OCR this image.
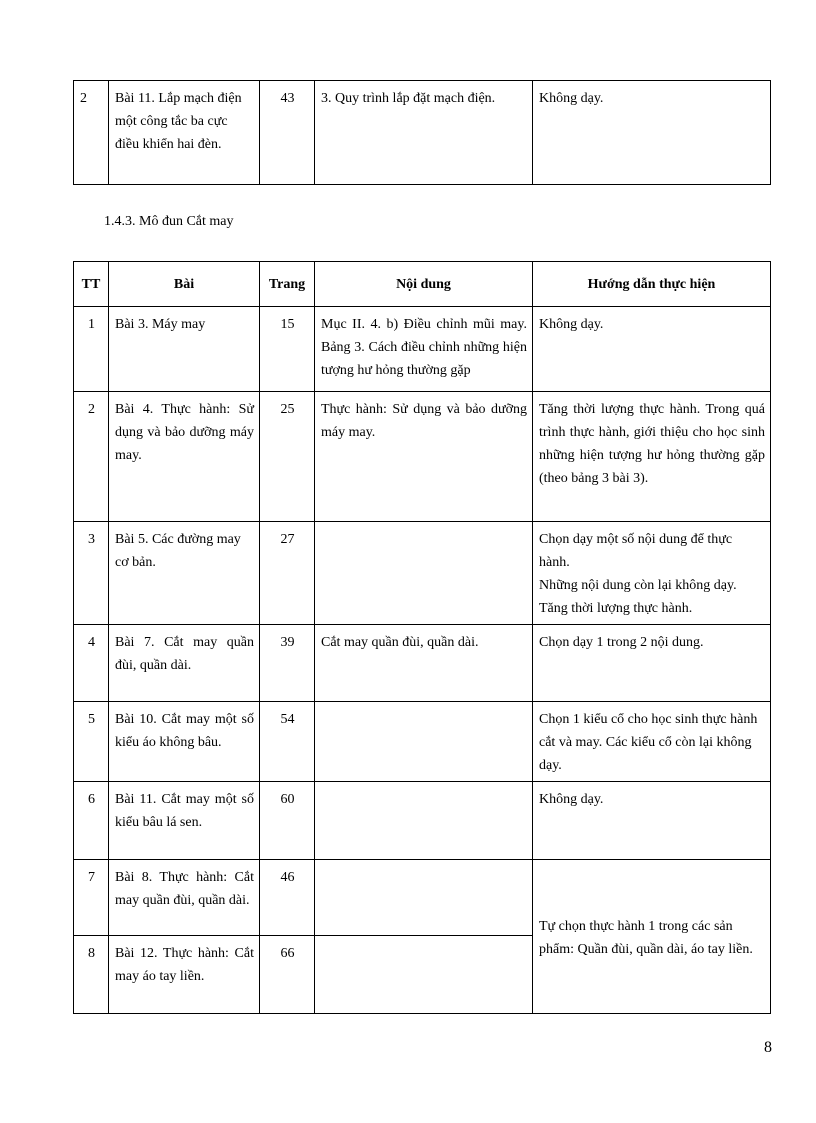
2	Bài 11. Lắp mạch điện một công tắc ba cực điều khiển hai đèn.	43	3. Quy trình lắp đặt mạch điện.	Không dạy.
1.4.3. Mô đun Cắt may
TT	Bài	Trang	Nội dung	Hướng dẫn thực hiện
1	Bài 3. Máy may	15	Mục II. 4. b) Điều chỉnh mũi may. Bảng 3. Cách điều chỉnh những hiện tượng hư hỏng thường gặp	Không dạy.
2	Bài 4. Thực hành: Sử dụng và bảo dưỡng máy may.	25	Thực hành: Sử dụng và bảo dưỡng máy may.	Tăng thời lượng thực hành. Trong quá trình thực hành, giới thiệu cho học sinh những hiện tượng hư hỏng thường gặp (theo bảng 3 bài 3).
3	Bài 5. Các đường may cơ bản.	27		Chọn dạy một số nội dung để thực hành.
Những nội dung còn lại không dạy.
Tăng thời lượng thực hành.

4	Bài 7. Cắt may quần đùi, quần dài.	39	Cắt may quần đùi, quần dài.	Chọn dạy 1 trong 2 nội dung.
5	Bài 10. Cắt may một số kiểu áo không bâu.	54		Chọn 1 kiểu cổ cho học sinh thực hành cắt và may. Các kiểu cổ còn lại không dạy.
6	Bài 11. Cắt may một số kiểu bâu lá sen.	60		Không dạy.
7	Bài 8. Thực hành: Cắt may quần đùi, quần dài.	46		Tự chọn thực hành 1 trong các sản phẩm: Quần đùi, quần dài, áo tay liền.
8	Bài 12. Thực hành: Cắt may áo tay liền.	66		
8
